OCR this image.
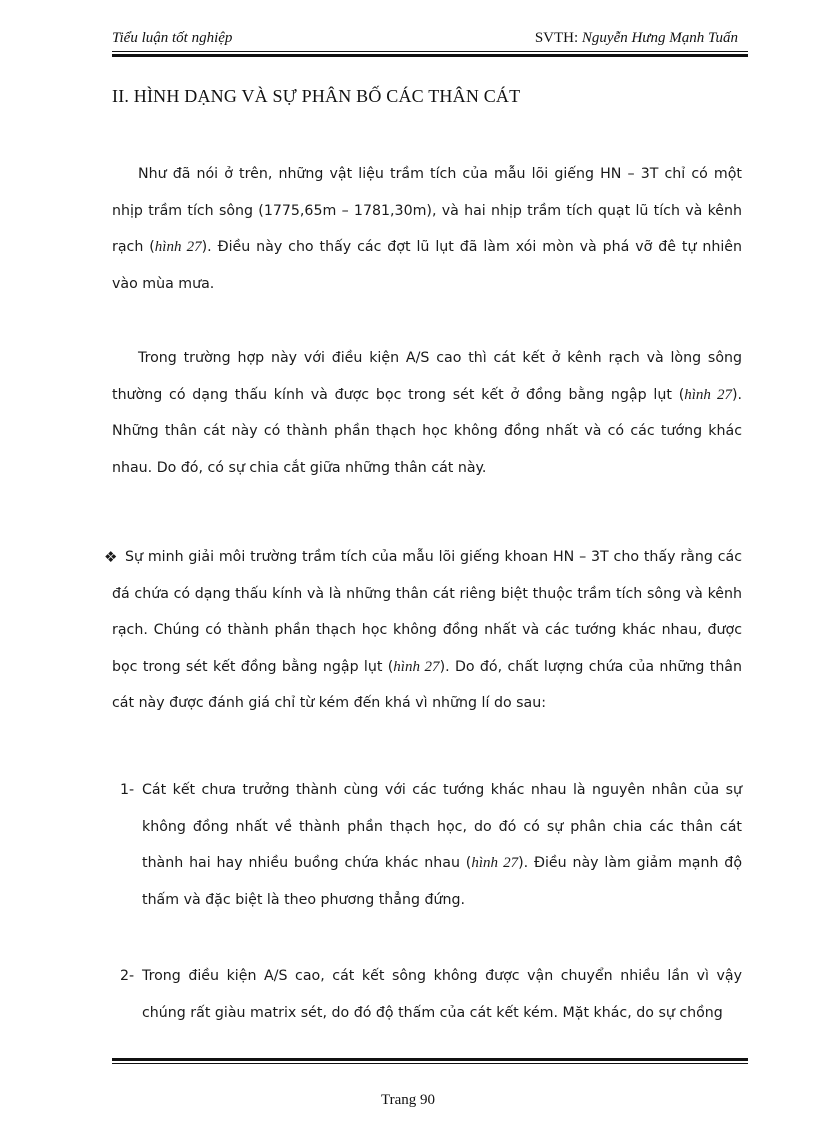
Tiểu luận tốt nghiệp	SVTH: Nguyễn Hưng Mạnh Tuấn
II. HÌNH DẠNG VÀ SỰ PHÂN BỐ CÁC THÂN CÁT
Như đã nói ở trên, những vật liệu trầm tích của mẫu lõi giếng HN – 3T chỉ có một nhịp trầm tích sông (1775,65m – 1781,30m), và hai nhịp trầm tích quạt lũ tích và kênh rạch (hình 27). Điều này cho thấy các đợt lũ lụt đã làm xói mòn và phá vỡ đê tự nhiên vào mùa mưa.
Trong trường hợp này với điều kiện A/S cao thì cát kết ở kênh rạch và lòng sông thường có dạng thấu kính và được bọc trong sét kết ở đồng bằng ngập lụt (hình 27). Những thân cát này có thành phần thạch học không đồng nhất và có các tướng khác nhau. Do đó, có sự chia cắt giữa những thân cát này.
❖ Sự minh giải môi trường trầm tích của mẫu lõi giếng khoan HN – 3T cho thấy rằng các đá chứa có dạng thấu kính và là những thân cát riêng biệt thuộc trầm tích sông và kênh rạch. Chúng có thành phần thạch học không đồng nhất và các tướng khác nhau, được bọc trong sét kết đồng bằng ngập lụt (hình 27). Do đó, chất lượng chứa của những thân cát này được đánh giá chỉ từ kém đến khá vì những lí do sau:
1- Cát kết chưa trưởng thành cùng với các tướng khác nhau là nguyên nhân của sự không đồng nhất về thành phần thạch học, do đó có sự phân chia các thân cát thành hai hay nhiều buồng chứa khác nhau (hình 27). Điều này làm giảm mạnh độ thấm và đặc biệt là theo phương thẳng đứng.
2- Trong điều kiện A/S cao, cát kết sông không được vận chuyển nhiều lần vì vậy chúng rất giàu matrix sét, do đó độ thấm của cát kết kém. Mặt khác, do sự chồng
Trang 90
